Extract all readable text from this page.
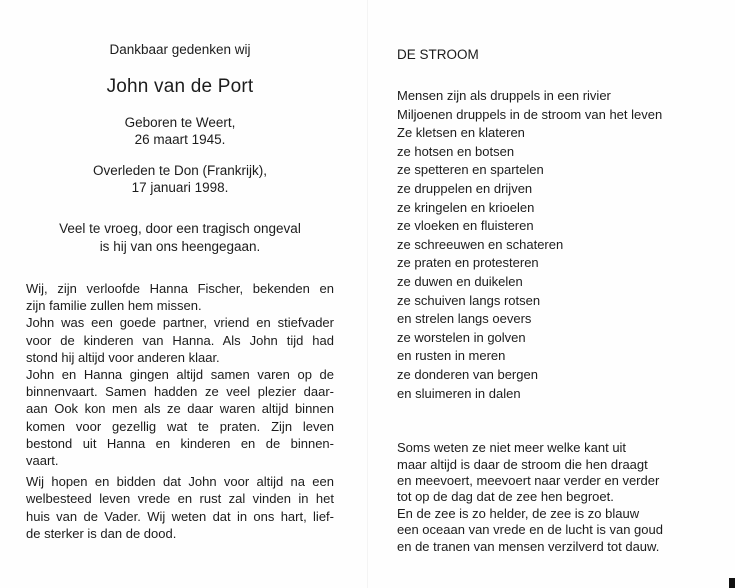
Dankbaar gedenken wij

John van de Port

Geboren te Weert,
26 maart 1945.

Overleden te Don (Frankrijk),
17 januari 1998.

Veel te vroeg, door een tragisch ongeval
is hij van ons heengegaan.

Wij, zijn verloofde Hanna Fischer, bekenden en
zijn familie zullen hem missen.
John was een goede partner, vriend en stiefvader
voor de kinderen van Hanna. Als John tijd had
stond hij altijd voor anderen klaar.
John en Hanna gingen altijd samen varen op de
binnenvaart. Samen hadden ze veel plezier daar-
aan Ook kon men als ze daar waren altijd binnen
komen voor gezellig wat te praten. Zijn leven
bestond uit Hanna en kinderen en de binnen-
vaart.
Wij hopen en bidden dat John voor altijd na een
welbesteed leven vrede en rust zal vinden in het
huis van de Vader. Wij weten dat in ons hart, lief-
de sterker is dan de dood.

DE STROOM

Mensen zijn als druppels in een rivier
Miljoenen druppels in de stroom van het leven
Ze kletsen en klateren
ze hotsen en botsen
ze spetteren en spartelen
ze druppelen en drijven
ze kringelen en krioelen
ze vloeken en fluisteren
ze schreeuwen en schateren
ze praten en protesteren
ze duwen en duikelen
ze schuiven langs rotsen
en strelen langs oevers
ze worstelen in golven
en rusten in meren
ze donderen van bergen
en sluimeren in dalen
Soms weten ze niet meer welke kant uit
maar altijd is daar de stroom die hen draagt
en meevoert, meevoert naar verder en verder
tot op de dag dat de zee hen begroet.
En de zee is zo helder, de zee is zo blauw
een oceaan van vrede en de lucht is van goud
en de tranen van mensen verzilverd tot dauw.
